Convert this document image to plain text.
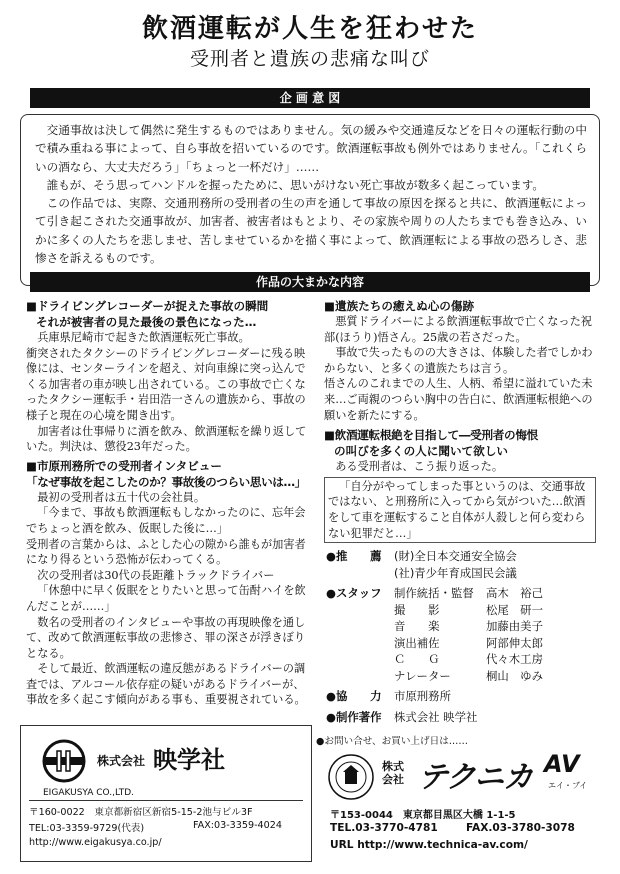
飲酒運転が人生を狂わせた
受刑者と遺族の悲痛な叫び
企 画 意 図

交通事故は決して偶然に発生するものではありません。気の緩みや交通違反などを日々の運転行動の中で積み重ねる事によって、自ら事故を招いているのです。飲酒運転事故も例外ではありません。「これくらいの酒なら、大丈夫だろう」「ちょっと一杯だけ」……

誰もが、そう思ってハンドルを握ったために、思いがけない死亡事故が数多く起こっています。

この作品では、実際、交通刑務所の受刑者の生の声を通して事故の原因を探ると共に、飲酒運転によって引き起こされた交通事故が、加害者、被害者はもとより、その家族や周りの人たちまでも巻き込み、いかに多くの人たちを悲しませ、苦しませているかを描く事によって、飲酒運転による事故の恐ろしさ、悲惨さを訴えるものです。

作品の大まかな内容
■ドライビングレコーダーが捉えた事故の瞬間
それが被害者の見た最後の景色になった…

兵庫県尼崎市で起きた飲酒運転死亡事故。

衝突されたタクシーのドライビングレコーダーに残る映像には、センターラインを超え、対向車線に突っ込んでくる加害者の車が映し出されている。この事故で亡くなったタクシー運転手・岩田浩一さんの遺族から、事故の様子と現在の心境を聞き出す。

加害者は仕事帰りに酒を飲み、飲酒運転を繰り返していた。判決は、懲役23年だった。

■市原刑務所での受刑者インタビュー
「なぜ事故を起こしたのか？事故後のつらい思いは…」

最初の受刑者は五十代の会社員。

「今まで、事故も飲酒運転もしなかったのに、忘年会でちょっと酒を飲み、仮眠した後に…」

受刑者の言葉からは、ふとした心の隙から誰もが加害者になり得るという恐怖が伝わってくる。

次の受刑者は30代の長距離トラックドライバー

「休憩中に早く仮眠をとりたいと思って缶酎ハイを飲んだことが……」

数名の受刑者のインタビューや事故の再現映像を通して、改めて飲酒運転事故の悲惨さ、罪の深さが浮きぼりとなる。

そして最近、飲酒運転の違反態があるドライバーの調査では、アルコール依存症の疑いがあるドライバーが、事故を多く起こす傾向がある事も、重要視されている。

■遺族たちの癒えぬ心の傷跡

悪質ドライバーによる飲酒運転事故で亡くなった祝部(ほうり)悟さん。25歳の若さだった。

事故で失ったものの大きさは、体験した者でしかわからない、と多くの遺族たちは言う。

悟さんのこれまでの人生、人柄、希望に溢れていた未来…ご両親のつらい胸中の告白に、飲酒運転根絶への願いを新たにする。

■飲酒運転根絶を目指して―受刑者の悔恨
の叫びを多くの人に聞いて欲しい

ある受刑者は、こう振り返った。

「自分がやってしまった事というのは、交通事故ではない、と刑務所に入ってから気がついた…飲酒をして車を運転すること自体が人殺しと何ら変わらない犯罪だと…」

●推　　薦	(財)全日本交通安全協会
(社)青少年育成国民会議
●スタッフ	制作統括・監督	高木　裕己
撮　　影	松尾　研一
音　　楽	加藤由美子
演出補佐	阿部伸太郎
Ｃ　　Ｇ	代々木工房
ナレーター	桐山　ゆみ
●協　　力	市原刑務所
●制作著作	株式会社 映学社
株式会社 映学社
EIGAKUSYA CO.,LTD.
〒160-0022　東京都新宿区新宿5-15-2池与ビル3F
TEL:03-3359-9729(代表)	FAX:03-3359-4024
http://www.eigakusya.co.jp/
●お問い合せ、お買い上げ日は……
株式
会社 テクニカ AV
エイ・ブイ
〒153-0044　東京都目黒区大橋 1-1-5
TEL.03-3770-4781	FAX.03-3780-3078
URL http://www.technica-av.com/
